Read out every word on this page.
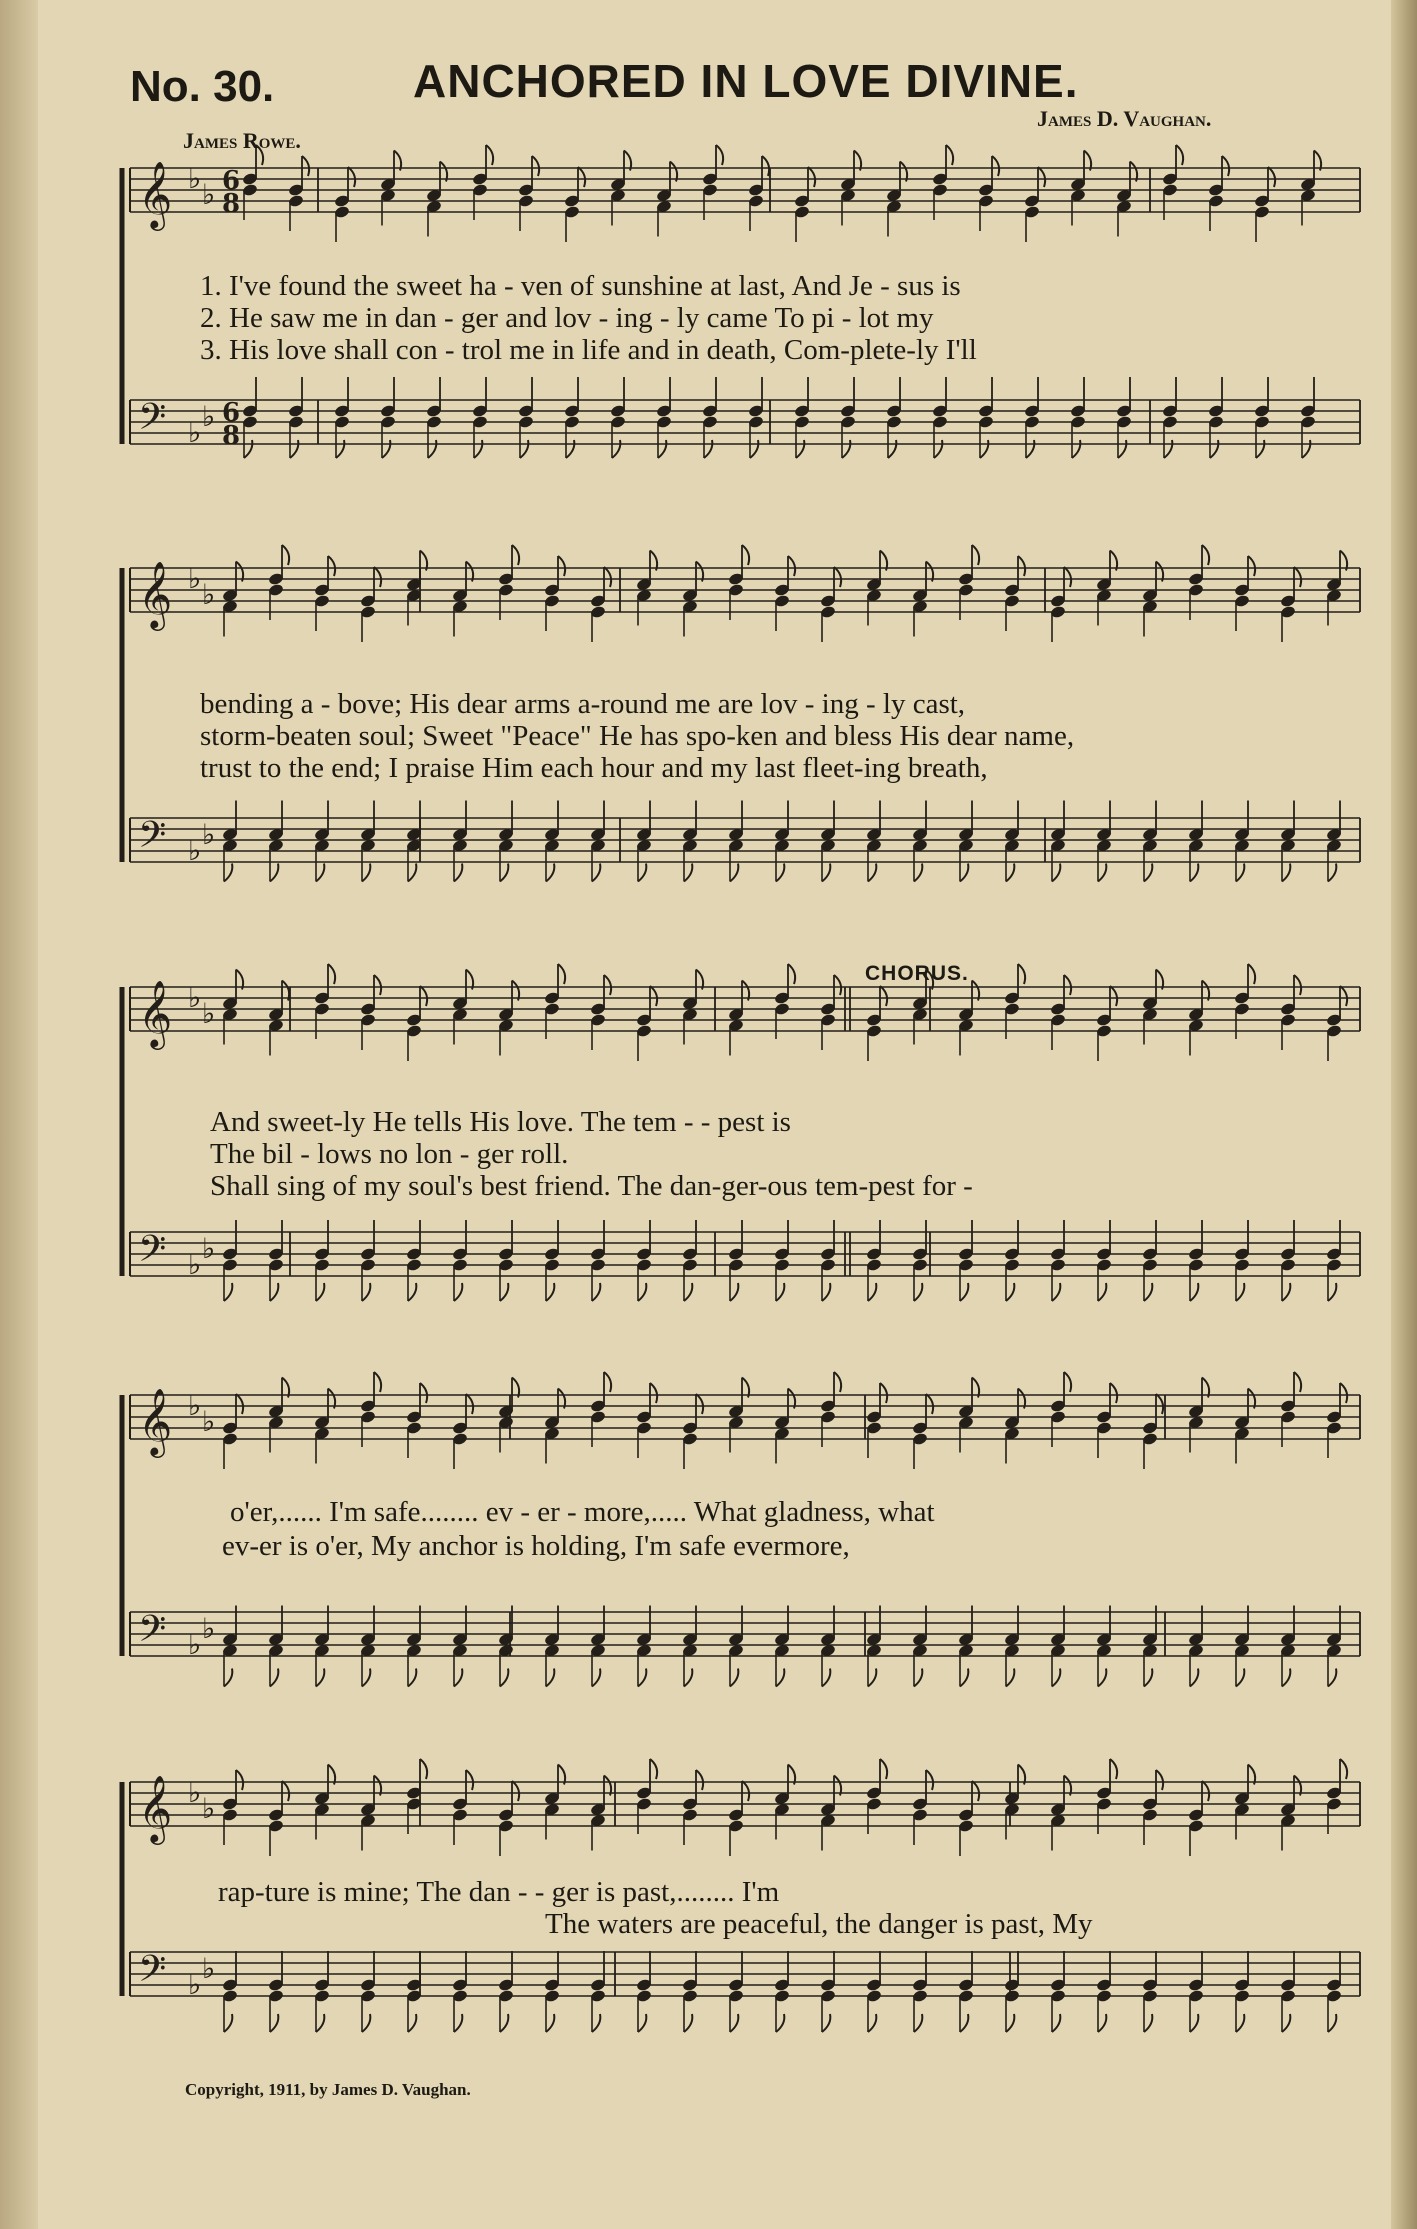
𝄞 ♭ ♭ 6
8
𝄢 ♭ ♭ 6
8
𝄞 ♭ ♭
𝄢 ♭ ♭
𝄞 ♭ ♭
𝄢 ♭ ♭
𝄞 ♭ ♭
𝄢 ♭ ♭
𝄞 ♭ ♭
𝄢 ♭ ♭
No. 30.	ANCHORED IN LOVE DIVINE.
James Rowe.
James D. Vaughan.
CHORUS.
1. I've found the sweet ha - ven of sunshine at last, And Je - sus is
2. He saw me in dan - ger and lov - ing - ly came To pi - lot my
3. His love shall con - trol me in life and in death, Com-plete-ly I'll
bending a - bove; His dear arms a-round me are lov - ing - ly cast,
storm-beaten soul; Sweet "Peace" He has spo-ken and bless His dear name,
trust to the end; I praise Him each hour and my last fleet-ing breath,
And sweet-ly He tells His love. The tem - - pest is
The bil - lows no lon - ger roll.
Shall sing of my soul's best friend. The dan-ger-ous tem-pest for -
o'er,...... I'm safe........ ev - er - more,..... What gladness, what
ev-er is o'er, My anchor is holding, I'm safe evermore,
rap-ture is mine; The dan - - ger is past,........ I'm
The waters are peaceful, the danger is past, My
Copyright, 1911, by James D. Vaughan.
